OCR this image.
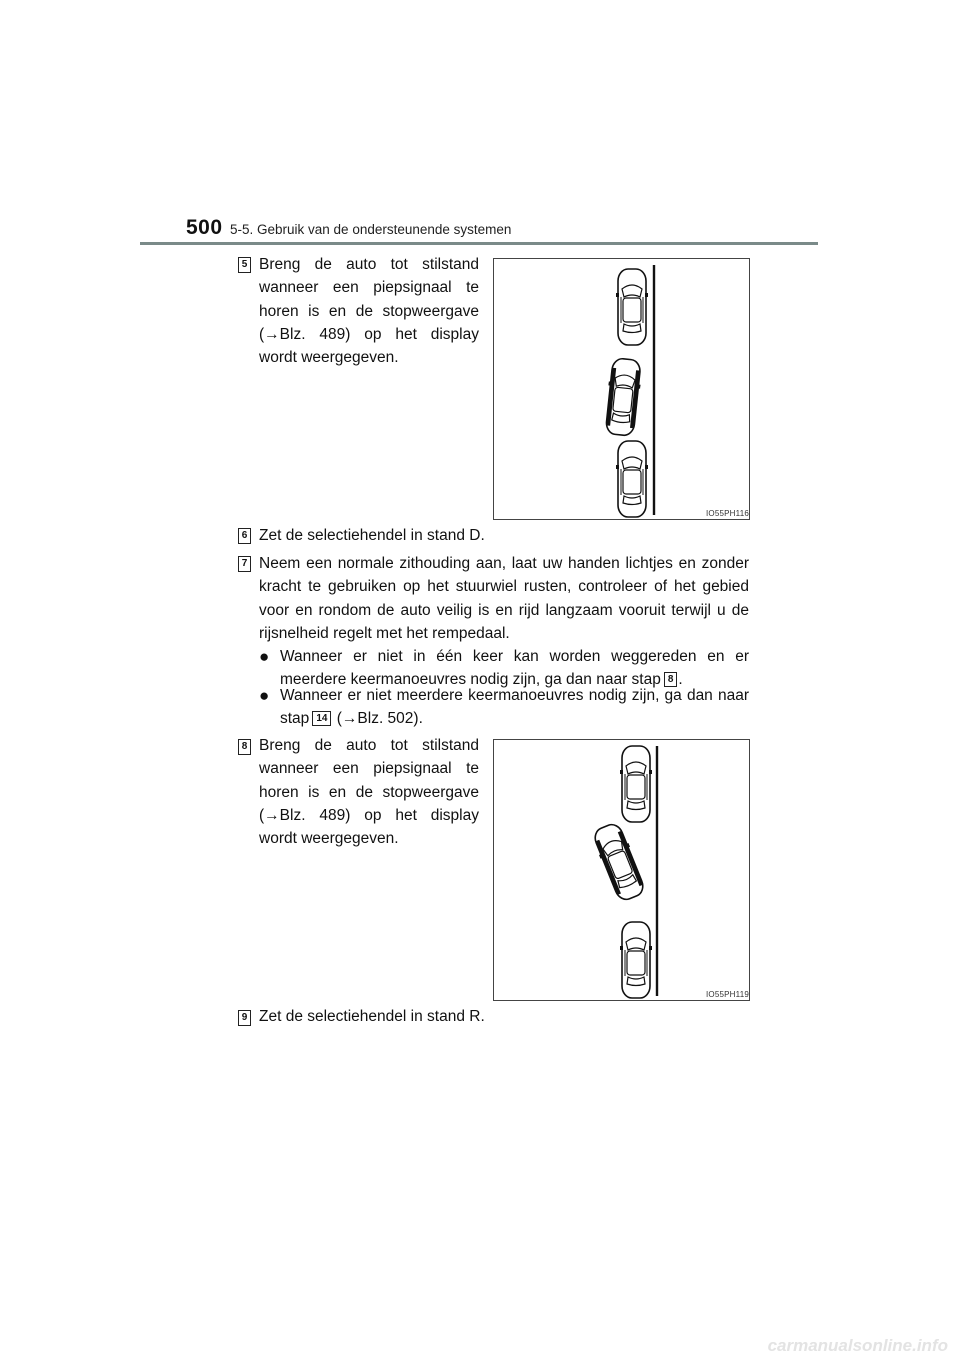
500 5-5. Gebruik van de ondersteunende systemen
5 Breng de auto tot stilstand wanneer een piepsignaal te horen is en de stopweergave (→Blz. 489) op het display wordt weergegeven.
IO55PH116
6 Zet de selectiehendel in stand D.
7 Neem een normale zithouding aan, laat uw handen lichtjes en zonder kracht te gebruiken op het stuurwiel rusten, controleer of het gebied voor en rondom de auto veilig is en rijd langzaam vooruit terwijl u de rijsnelheid regelt met het rempedaal.
● Wanneer er niet in één keer kan worden weggereden en er meerdere keermanoeuvres nodig zijn, ga dan naar stap 8 .
● Wanneer er niet meerdere keermanoeuvres nodig zijn, ga dan naar stap 14 (→Blz. 502).
8 Breng de auto tot stilstand wanneer een piepsignaal te horen is en de stopweergave (→Blz. 489) op het display wordt weergegeven.
IO55PH119
9 Zet de selectiehendel in stand R.
carmanualsonline.info
